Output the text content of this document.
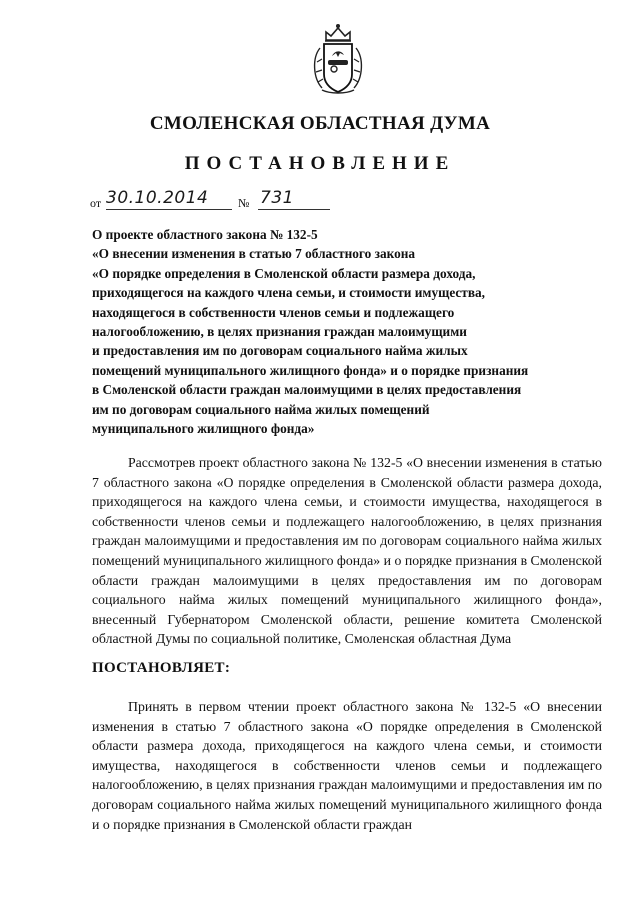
СМОЛЕНСКАЯ ОБЛАСТНАЯ ДУМА
ПОСТАНОВЛЕНИЕ
от 30.10.2014 № 731
О проекте областного закона № 132-5
«О внесении изменения в статью 7 областного закона
«О порядке определения в Смоленской области размера дохода,
приходящегося на каждого члена семьи, и стоимости имущества,
находящегося в собственности членов семьи и подлежащего
налогообложению, в целях признания граждан малоимущими
и предоставления им по договорам социального найма жилых
помещений муниципального жилищного фонда» и о порядке признания
в Смоленской области граждан малоимущими в целях предоставления
им по договорам социального найма жилых помещений
муниципального жилищного фонда»
Рассмотрев проект областного закона № 132-5 «О внесении изменения в статью 7 областного закона «О порядке определения в Смоленской области размера дохода, приходящегося на каждого члена семьи, и стоимости имущества, находящегося в собственности членов семьи и подлежащего налогообложению, в целях признания граждан малоимущими и предоставления им по договорам социального найма жилых помещений муниципального жилищного фонда» и о порядке признания в Смоленской области граждан малоимущими в целях предоставления им по договорам социального найма жилых помещений муниципального жилищного фонда», внесенный Губернатором Смоленской области, решение комитета Смоленской областной Думы по социальной политике, Смоленская областная Дума
ПОСТАНОВЛЯЕТ:
Принять в первом чтении проект областного закона № 132-5 «О внесении изменения в статью 7 областного закона «О порядке определения в Смоленской области размера дохода, приходящегося на каждого члена семьи, и стоимости имущества, находящегося в собственности членов семьи и подлежащего налогообложению, в целях признания граждан малоимущими и предоставления им по договорам социального найма жилых помещений муниципального жилищного фонда и о порядке признания в Смоленской области граждан
